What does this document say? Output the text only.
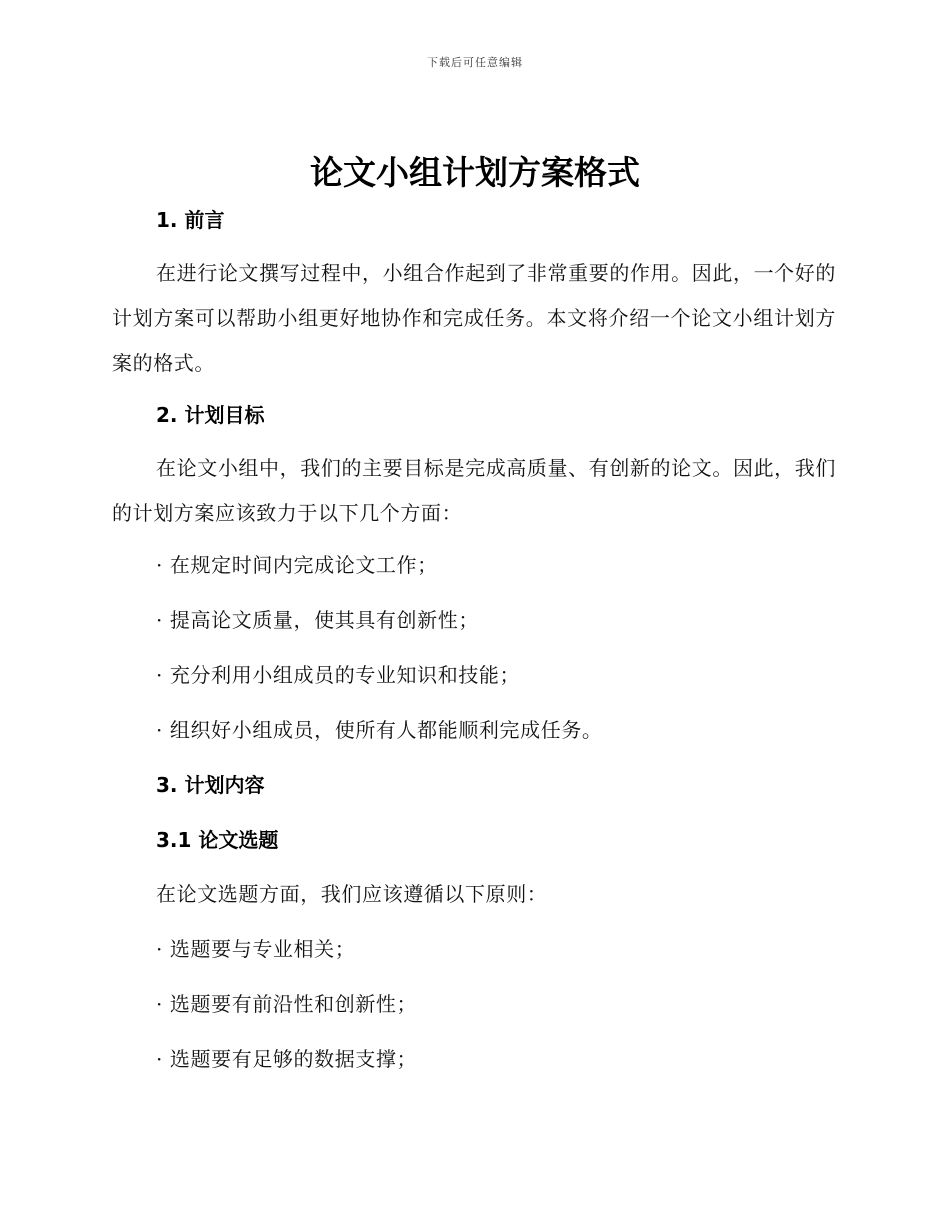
下载后可任意编辑
论文小组计划方案格式
1. 前言
在进行论文撰写过程中，小组合作起到了非常重要的作用。因此，一个好的计划方案可以帮助小组更好地协作和完成任务。本文将介绍一个论文小组计划方案的格式。
2. 计划目标
在论文小组中，我们的主要目标是完成高质量、有创新的论文。因此，我们的计划方案应该致力于以下几个方面：
· 在规定时间内完成论文工作；
· 提高论文质量，使其具有创新性；
· 充分利用小组成员的专业知识和技能；
· 组织好小组成员，使所有人都能顺利完成任务。
3. 计划内容
3.1 论文选题
在论文选题方面，我们应该遵循以下原则：
· 选题要与专业相关；
· 选题要有前沿性和创新性；
· 选题要有足够的数据支撑；
